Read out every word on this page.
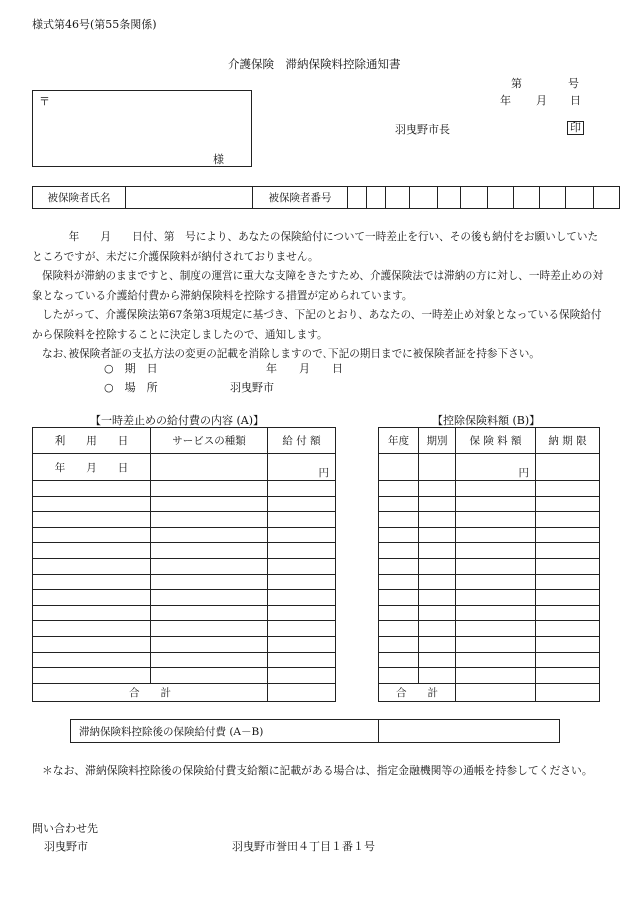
様式第46号(第55条関係)
介護保険　滞納保険料控除通知書
第	号
年 月 日
〒
様
羽曳野市長	印
被保険者氏名		被保険者番号											
　年　　月　　日付、第　号により、あなたの保険給付について一時差止を行い、その後も納付をお願いしていたところですが、未だに介護保険料が納付されておりません。
保険料が滞納のままですと、制度の運営に重大な支障をきたすため、介護保険法では滞納の方に対し、一時差止めの対象となっている介護給付費から滞納保険料を控除する措置が定められています。
したがって、介護保険法第67条第3項規定に基づき、下記のとおり、あなたの、一時差止め対象となっている保険給付から保険料を控除することに決定しましたので、通知します。
なお､被保険者証の支払方法の変更の記載を消除しますので､下記の期日までに被保険者証を持参下さい。
○　期　日	年　　月　　日
○　場　所	羽曳野市
【一時差止めの給付費の内容 (A)】	【控除保険料額 (B)】
利　　用　　日	サービスの種類	給 付 額
年　　月　　日		円

合　　計		
年度	期別	保 険 料 額	納 期 限
		円	

合　　計			
滞納保険料控除後の保険給付費 (A－B)	
＊なお、滞納保険料控除後の保険給付費支給額に記載がある場合は、指定金融機関等の通帳を持参してください。
問い合わせ先
羽曳野市	羽曳野市誉田４丁目１番１号
